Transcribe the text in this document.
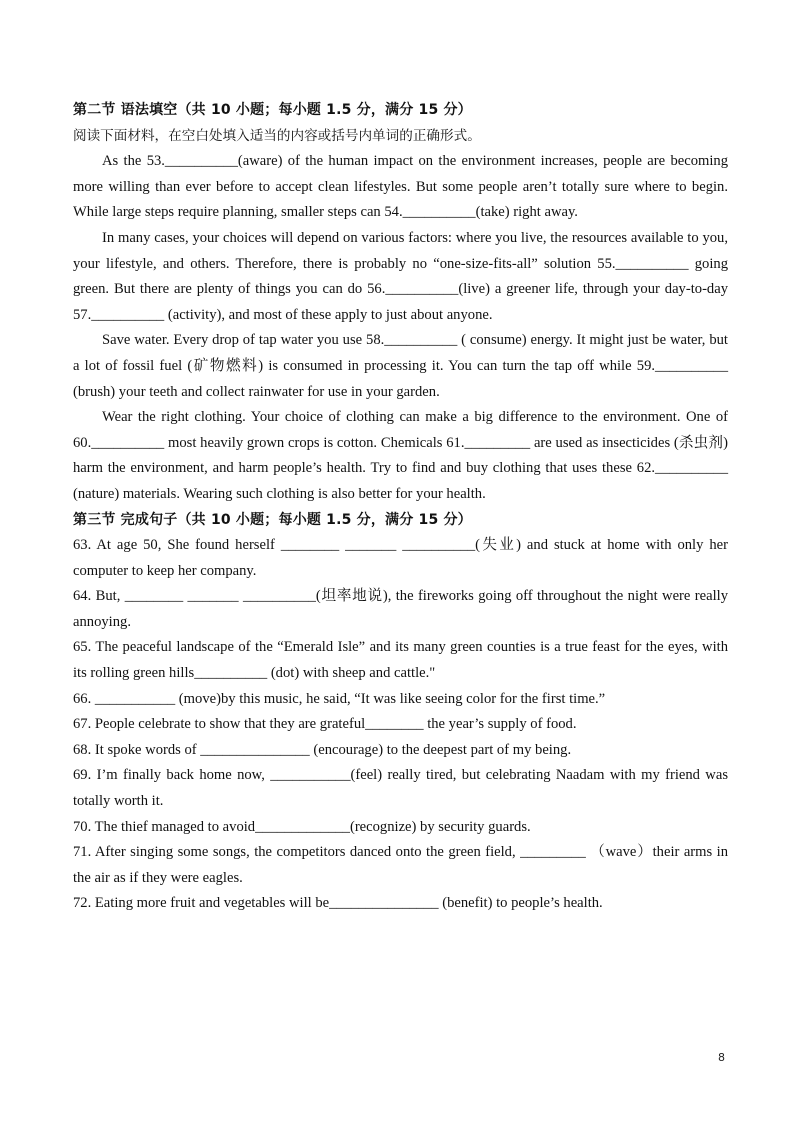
第二节 语法填空（共 10 小题；每小题 1.5 分，满分 15 分）

阅读下面材料，在空白处填入适当的内容或括号内单词的正确形式。

As the 53.__________(aware) of the human impact on the environment increases, people are becoming more willing than ever before to accept clean lifestyles. But some people aren’t totally sure where to begin. While large steps require planning, smaller steps can 54.__________(take) right away.

In many cases, your choices will depend on various factors: where you live, the resources available to you, your lifestyle, and others. Therefore, there is probably no “one-size-fits-all” solution 55.__________ going green. But there are plenty of things you can do 56.__________(live) a greener life, through your day-to-day 57.__________ (activity), and most of these apply to just about anyone.

Save water. Every drop of tap water you use 58.__________ ( consume) energy. It might just be water, but a lot of fossil fuel (矿物燃料) is consumed in processing it. You can turn the tap off while 59.__________ (brush) your teeth and collect rainwater for use in your garden.

Wear the right clothing. Your choice of clothing can make a big difference to the environment. One of 60.__________ most heavily grown crops is cotton. Chemicals 61._________ are used as insecticides (杀虫剂) harm the environment, and harm people’s health. Try to find and buy clothing that uses these 62.__________ (nature) materials. Wearing such clothing is also better for your health.

第三节 完成句子（共 10 小题；每小题 1.5 分，满分 15 分）

63. At age 50, She found herself ________ _______ __________(失业) and stuck at home with only her computer to keep her company.

64. But, ________ _______ __________(坦率地说), the fireworks going off throughout the night were really annoying.

65. The peaceful landscape of the “Emerald Isle” and its many green counties is a true feast for the eyes, with its rolling green hills__________ (dot) with sheep and cattle."

66. ___________ (move)by this music, he said, “It was like seeing color for the first time.”

67. People celebrate to show that they are grateful________ the year’s supply of food.

68. It spoke words of _______________ (encourage) to the deepest part of my being.

69. I’m finally back home now, ___________(feel) really tired, but celebrating Naadam with my friend was totally worth it.

70. The thief managed to avoid_____________(recognize) by security guards.

71. After singing some songs, the competitors danced onto the green field, _________ （wave）their arms in the air as if they were eagles.

72. Eating more fruit and vegetables will be_______________ (benefit) to people’s health.

8
